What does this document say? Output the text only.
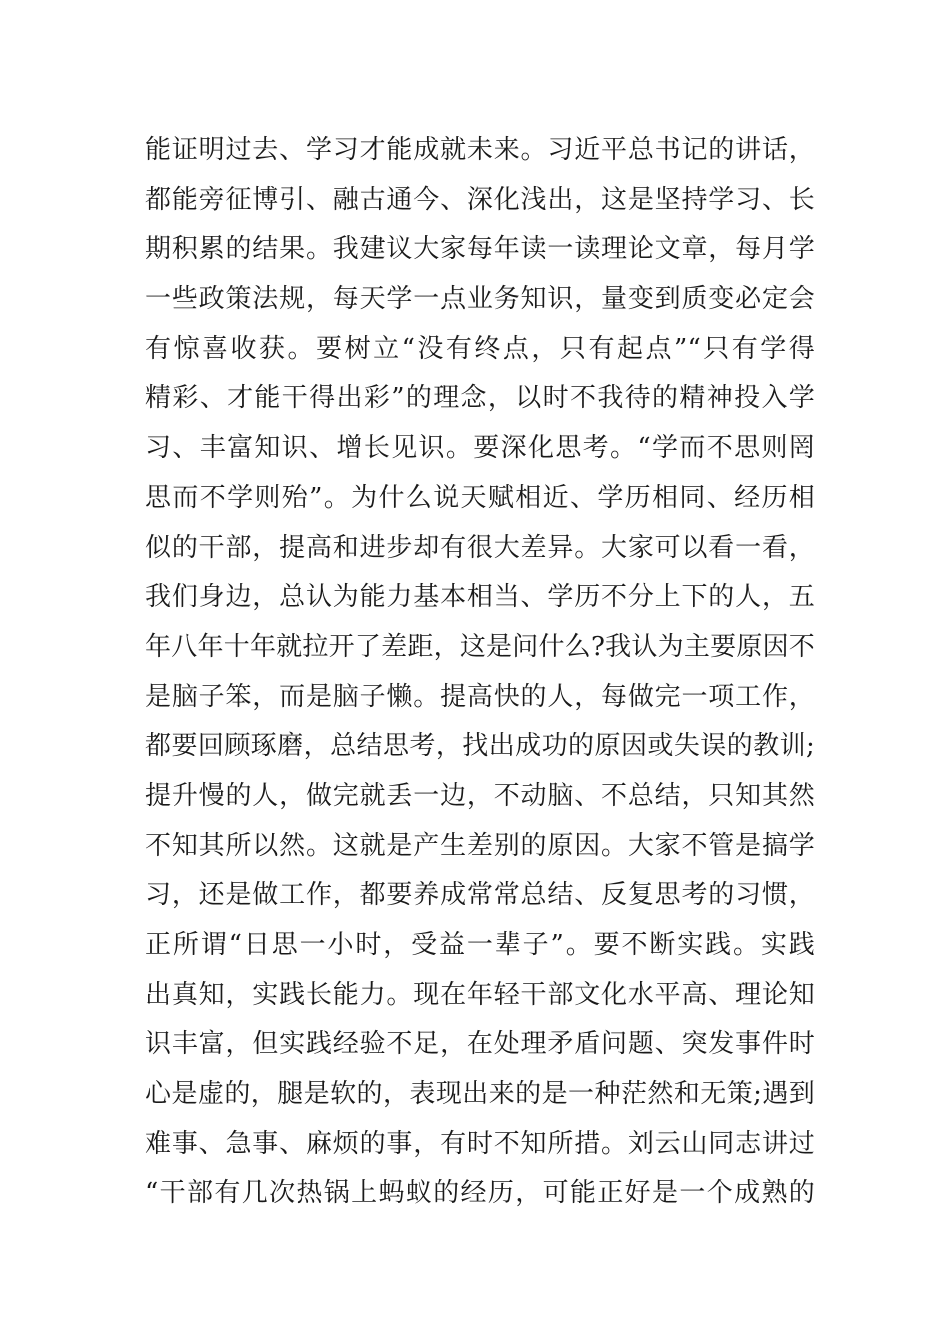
能证明过去、学习才能成就未来。习近平总书记的讲话，
都能旁征博引、融古通今、深化浅出，这是坚持学习、长
期积累的结果。我建议大家每年读一读理论文章，每月学
一些政策法规，每天学一点业务知识，量变到质变必定会
有惊喜收获。要树立“没有终点，只有起点”“只有学得
精彩、才能干得出彩”的理念，以时不我待的精神投入学
习、丰富知识、增长见识。要深化思考。“学而不思则罔
思而不学则殆”。为什么说天赋相近、学历相同、经历相
似的干部，提高和进步却有很大差异。大家可以看一看，
我们身边，总认为能力基本相当、学历不分上下的人，五
年八年十年就拉开了差距，这是问什么?我认为主要原因不
是脑子笨，而是脑子懒。提高快的人，每做完一项工作，
都要回顾琢磨，总结思考，找出成功的原因或失误的教训;
提升慢的人，做完就丢一边，不动脑、不总结，只知其然
不知其所以然。这就是产生差别的原因。大家不管是搞学
习，还是做工作，都要养成常常总结、反复思考的习惯，
正所谓“日思一小时，受益一辈子”。要不断实践。实践
出真知，实践长能力。现在年轻干部文化水平高、理论知
识丰富，但实践经验不足，在处理矛盾问题、突发事件时
心是虚的，腿是软的，表现出来的是一种茫然和无策;遇到
难事、急事、麻烦的事，有时不知所措。刘云山同志讲过
“干部有几次热锅上蚂蚁的经历，可能正好是一个成熟的
